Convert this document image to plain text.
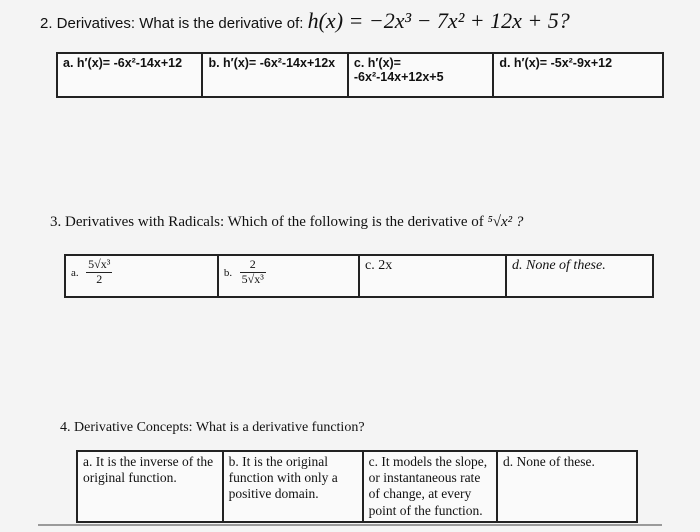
2. Derivatives: What is the derivative of: h(x) = −2x³ − 7x² + 12x + 5?
a. h′(x)= -6x²-14x+12	b. h′(x)= -6x²-14x+12x	c. h′(x)= -6x²-14x+12x+5	d. h′(x)= -5x²-9x+12
3. Derivatives with Radicals: Which of the following is the derivative of ⁵√x² ?
a. $\frac{\text{5√x³}}{2}$	b. $\frac{2}{\text{5√x³}}$	c. 2x	d. None of these.
4. Derivative Concepts: What is a derivative function?
a. It is the inverse of the original function.	b. It is the original function with only a positive domain.	c. It models the slope, or instantaneous rate of change, at every point of the function.	d. None of these.
